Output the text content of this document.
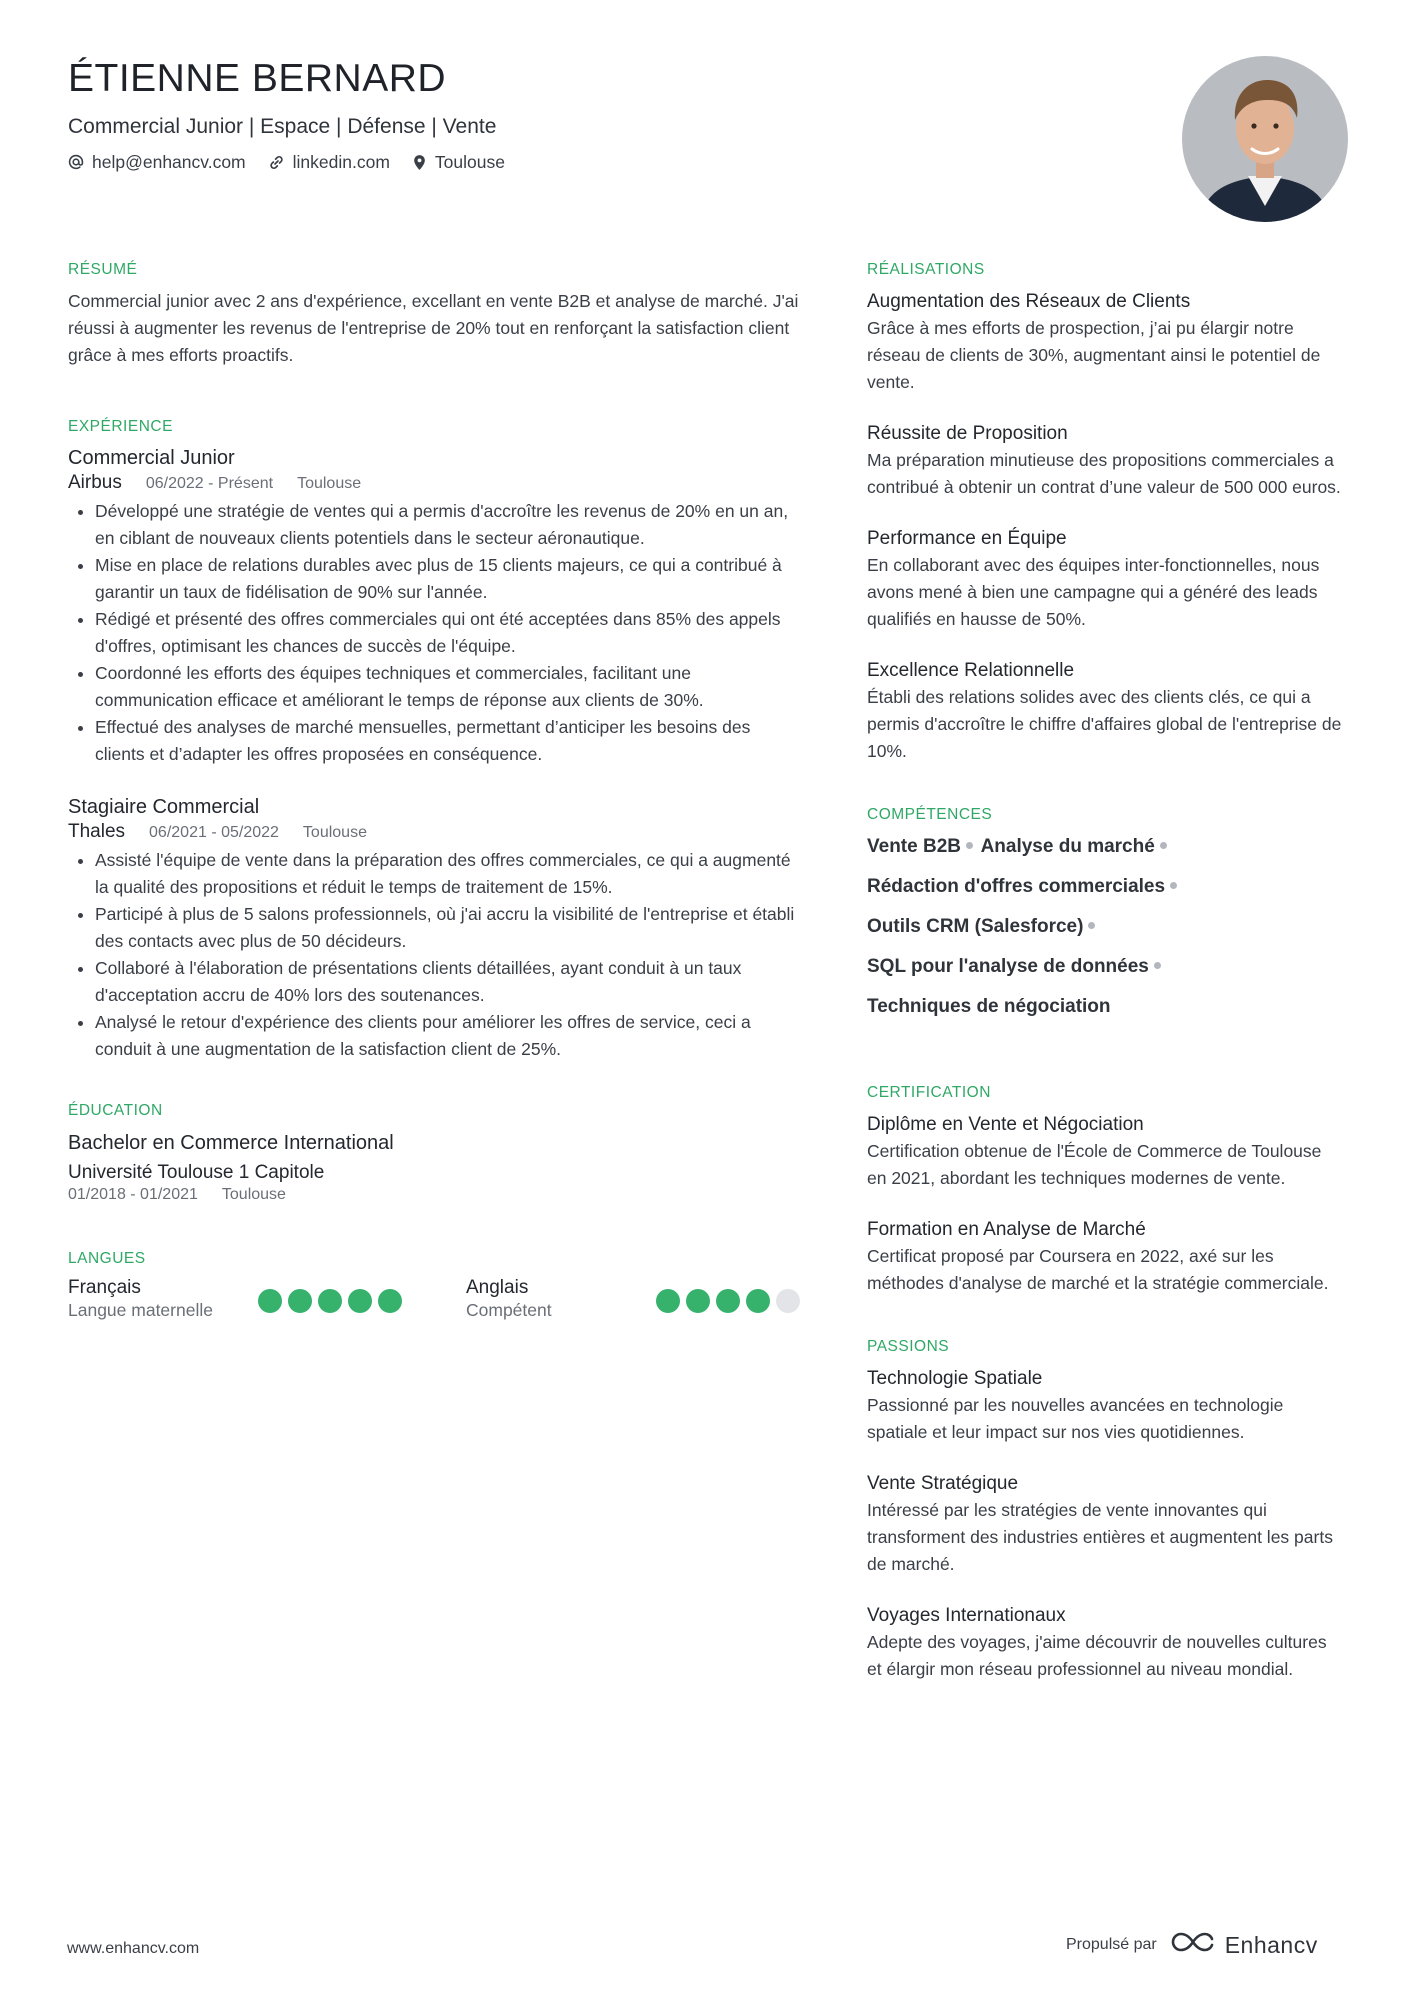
ÉTIENNE BERNARD
Commercial Junior | Espace | Défense | Vente
help@enhancv.com	linkedin.com	Toulouse
RÉSUMÉ

Commercial junior avec 2 ans d'expérience, excellant en vente B2B et analyse de marché. J'ai réussi à augmenter les revenus de l'entreprise de 20% tout en renforçant la satisfaction client grâce à mes efforts proactifs.

EXPÉRIENCE
Commercial Junior
Airbus 06/2022 - Présent Toulouse
• Développé une stratégie de ventes qui a permis d'accroître les revenus de 20% en un an, en ciblant de nouveaux clients potentiels dans le secteur aéronautique.
• Mise en place de relations durables avec plus de 15 clients majeurs, ce qui a contribué à garantir un taux de fidélisation de 90% sur l'année.
• Rédigé et présenté des offres commerciales qui ont été acceptées dans 85% des appels d'offres, optimisant les chances de succès de l'équipe.
• Coordonné les efforts des équipes techniques et commerciales, facilitant une communication efficace et améliorant le temps de réponse aux clients de 30%.
• Effectué des analyses de marché mensuelles, permettant d’anticiper les besoins des clients et d’adapter les offres proposées en conséquence.
Stagiaire Commercial
Thales 06/2021 - 05/2022 Toulouse
• Assisté l'équipe de vente dans la préparation des offres commerciales, ce qui a augmenté la qualité des propositions et réduit le temps de traitement de 15%.
• Participé à plus de 5 salons professionnels, où j'ai accru la visibilité de l'entreprise et établi des contacts avec plus de 50 décideurs.
• Collaboré à l'élaboration de présentations clients détaillées, ayant conduit à un taux d'acceptation accru de 40% lors des soutenances.
• Analysé le retour d'expérience des clients pour améliorer les offres de service, ceci a conduit à une augmentation de la satisfaction client de 25%.
ÉDUCATION
Bachelor en Commerce International
Université Toulouse 1 Capitole
01/2018 - 01/2021 Toulouse
LANGUES
Français
Langue maternelle
Anglais
Compétent
RÉALISATIONS
Augmentation des Réseaux de Clients

Grâce à mes efforts de prospection, j’ai pu élargir notre réseau de clients de 30%, augmentant ainsi le potentiel de vente.

Réussite de Proposition

Ma préparation minutieuse des propositions commerciales a contribué à obtenir un contrat d’une valeur de 500 000 euros.

Performance en Équipe

En collaborant avec des équipes inter-fonctionnelles, nous avons mené à bien une campagne qui a généré des leads qualifiés en hausse de 50%.

Excellence Relationnelle

Établi des relations solides avec des clients clés, ce qui a permis d'accroître le chiffre d'affaires global de l'entreprise de 10%.

COMPÉTENCES
Vente B2B Analyse du marché
Rédaction d'offres commerciales
Outils CRM (Salesforce)
SQL pour l'analyse de données
Techniques de négociation
CERTIFICATION
Diplôme en Vente et Négociation

Certification obtenue de l'École de Commerce de Toulouse en 2021, abordant les techniques modernes de vente.

Formation en Analyse de Marché

Certificat proposé par Coursera en 2022, axé sur les méthodes d'analyse de marché et la stratégie commerciale.

PASSIONS
Technologie Spatiale

Passionné par les nouvelles avancées en technologie spatiale et leur impact sur nos vies quotidiennes.

Vente Stratégique

Intéressé par les stratégies de vente innovantes qui transforment des industries entières et augmentent les parts de marché.

Voyages Internationaux

Adepte des voyages, j'aime découvrir de nouvelles cultures et élargir mon réseau professionnel au niveau mondial.

www.enhancv.com	Propulsé par	Enhancv
